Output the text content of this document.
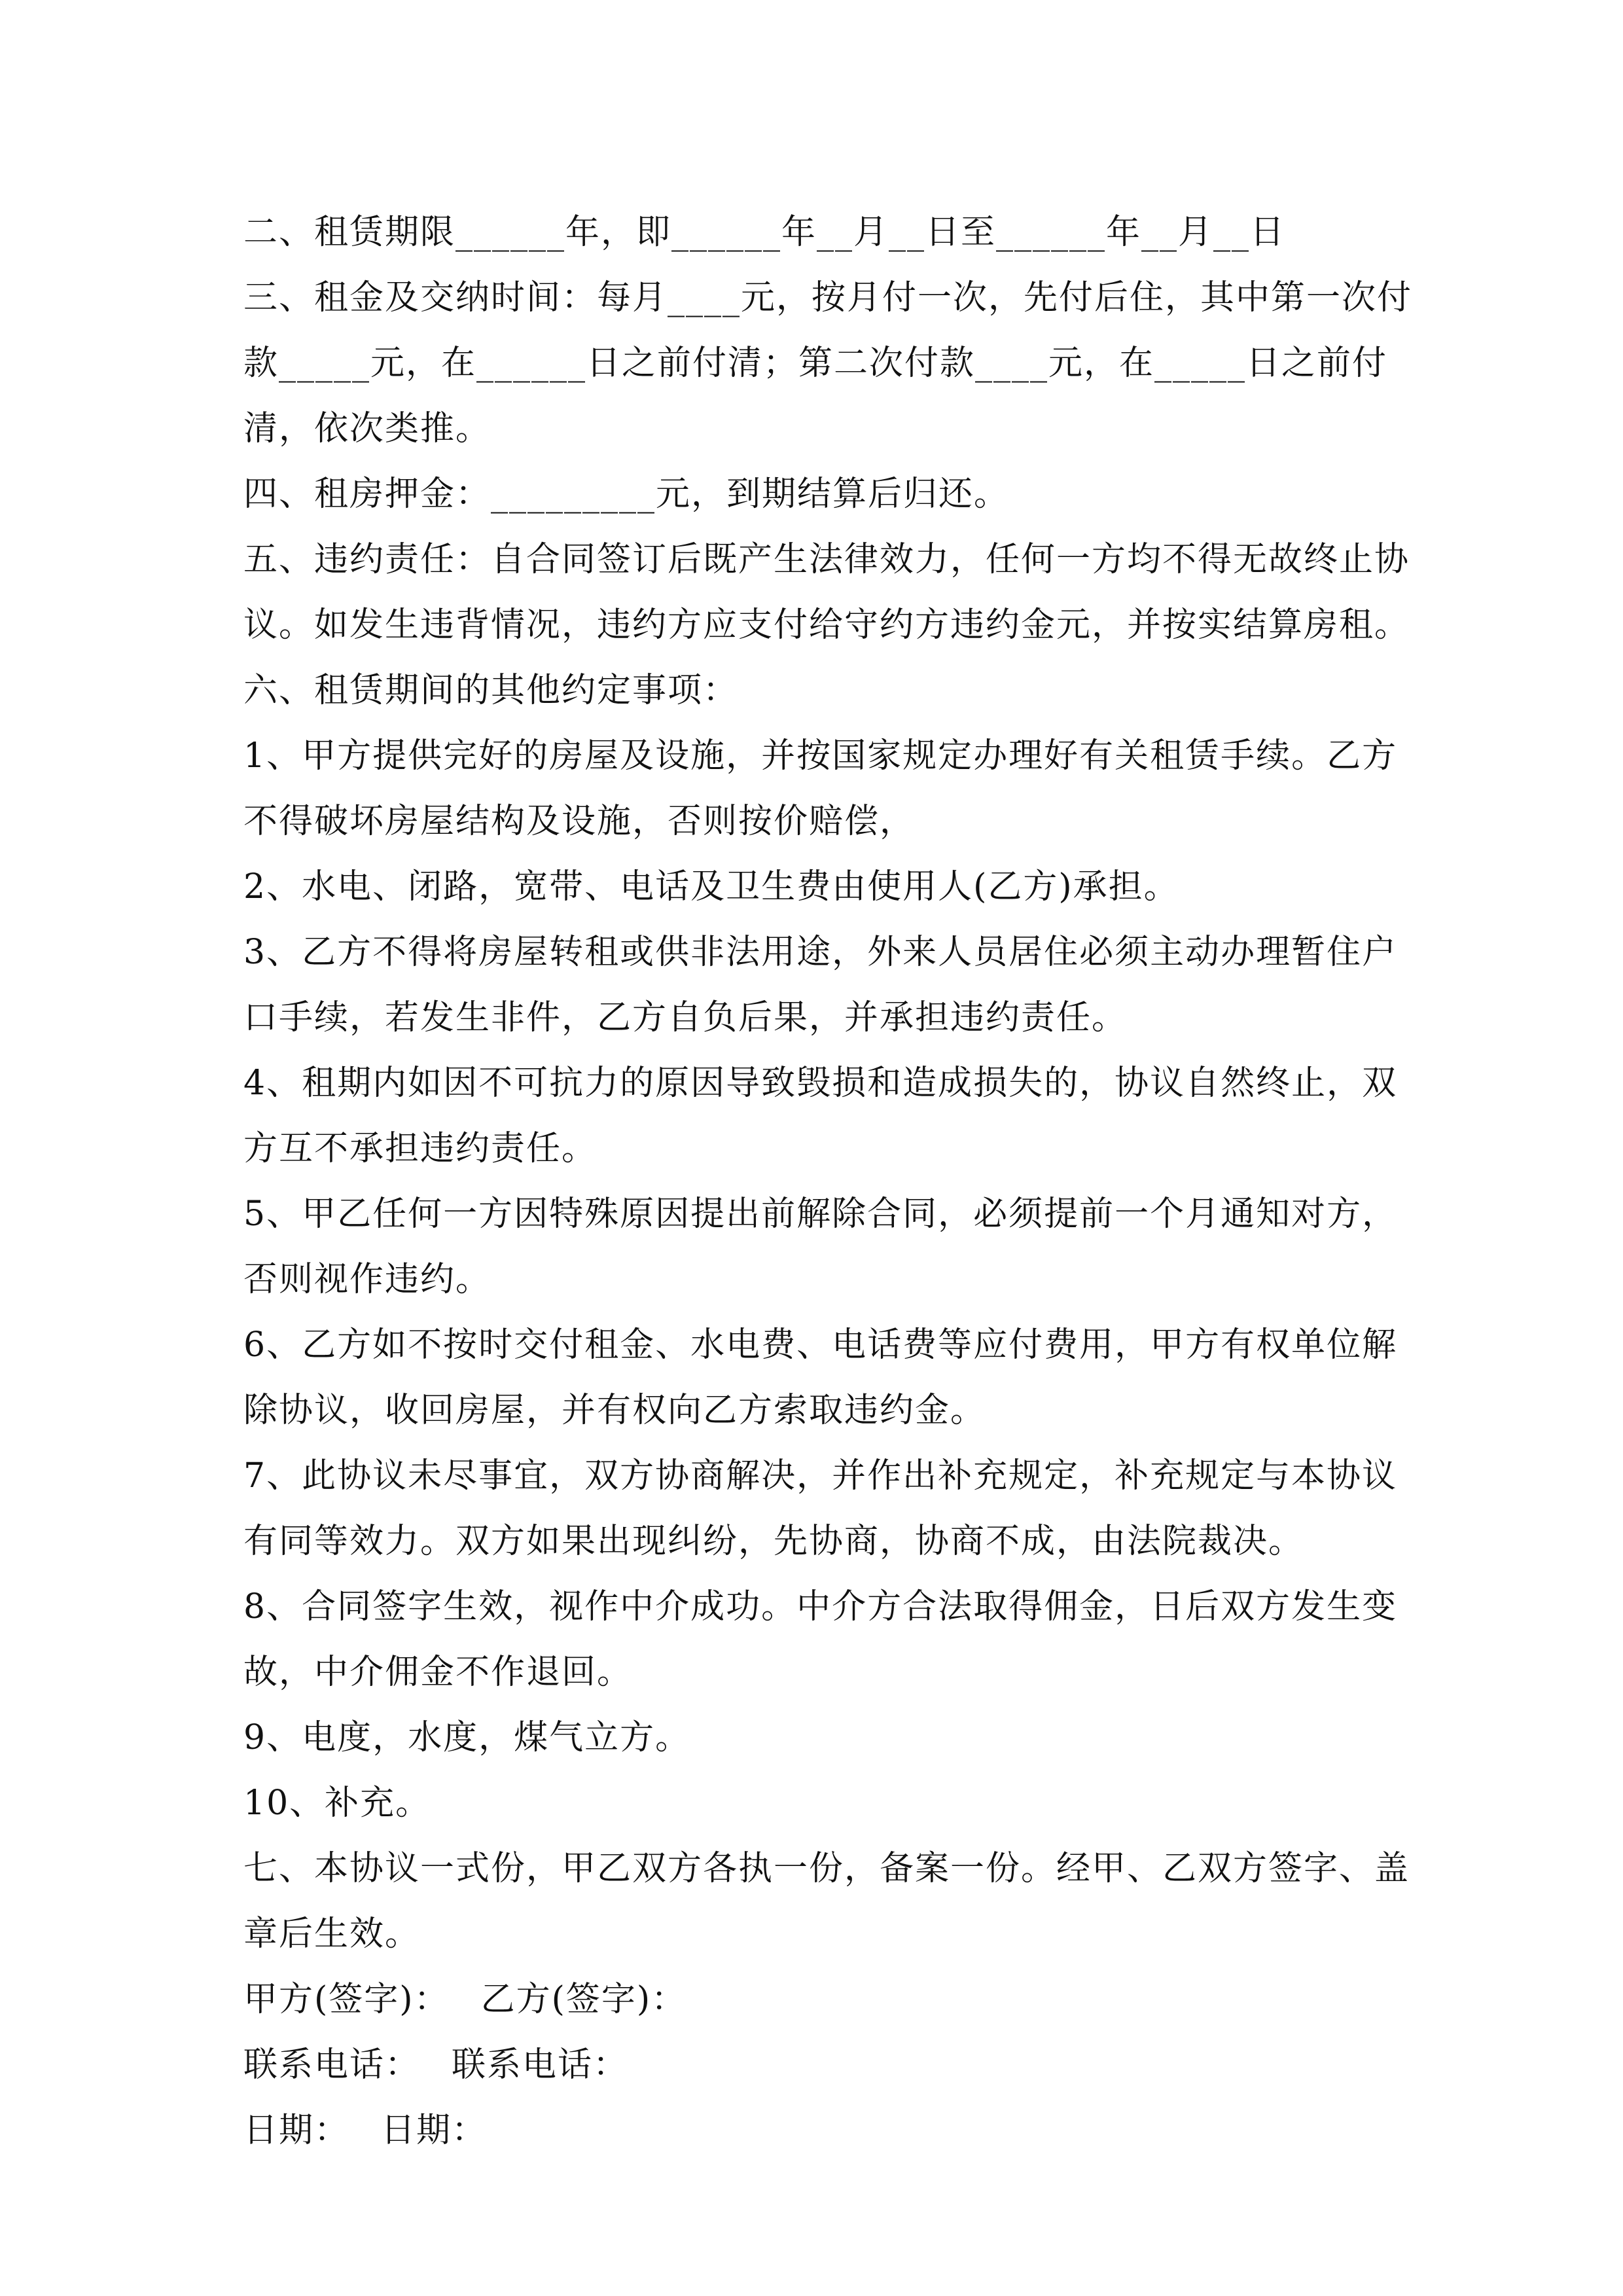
二、租赁期限______年，即______年__月__日至______年__月__日

三、租金及交纳时间：每月____元，按月付一次，先付后住，其中第一次付款_____元，在______日之前付清；第二次付款____元，在_____日之前付清，依次类推。

四、租房押金：_________元，到期结算后归还。

五、违约责任：自合同签订后既产生法律效力，任何一方均不得无故终止协议。如发生违背情况，违约方应支付给守约方违约金元，并按实结算房租。

六、租赁期间的其他约定事项：

1、甲方提供完好的房屋及设施，并按国家规定办理好有关租赁手续。乙方不得破坏房屋结构及设施，否则按价赔偿，

2、水电、闭路，宽带、电话及卫生费由使用人(乙方)承担。

3、乙方不得将房屋转租或供非法用途，外来人员居住必须主动办理暂住户口手续，若发生非件，乙方自负后果，并承担违约责任。

4、租期内如因不可抗力的原因导致毁损和造成损失的，协议自然终止，双方互不承担违约责任。

5、甲乙任何一方因特殊原因提出前解除合同，必须提前一个月通知对方，否则视作违约。

6、乙方如不按时交付租金、水电费、电话费等应付费用，甲方有权单位解除协议，收回房屋，并有权向乙方索取违约金。

7、此协议未尽事宜，双方协商解决，并作出补充规定，补充规定与本协议有同等效力。双方如果出现纠纷，先协商，协商不成，由法院裁决。

8、合同签字生效，视作中介成功。中介方合法取得佣金，日后双方发生变故，中介佣金不作退回。

9、电度，水度，煤气立方。

10、补充。

七、本协议一式份，甲乙双方各执一份，备案一份。经甲、乙双方签字、盖章后生效。

甲方(签字)： 乙方(签字)：
联系电话： 联系电话：
日期： 日期：
